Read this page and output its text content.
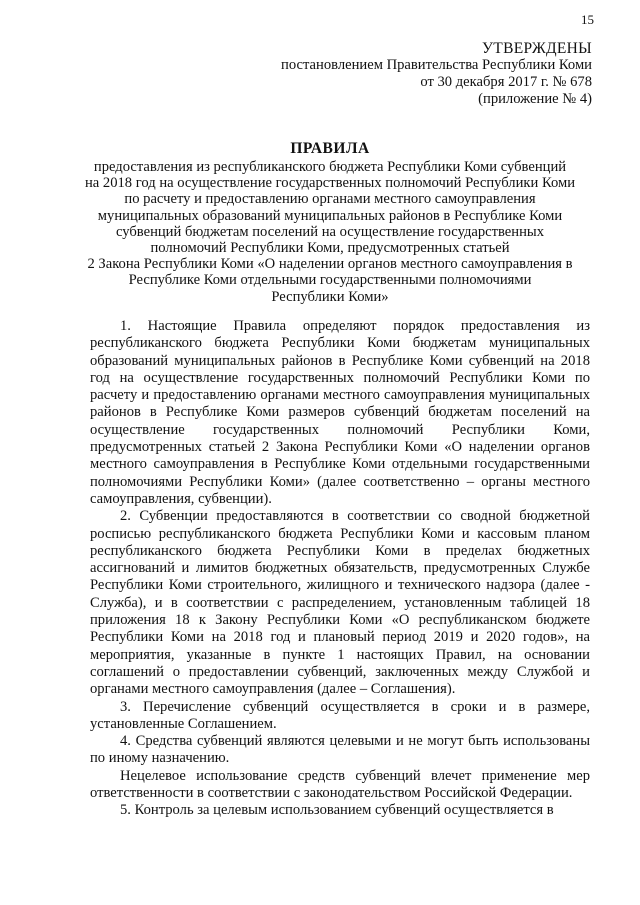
15
УТВЕРЖДЕНЫ
постановлением Правительства Республики Коми
от 30 декабря 2017 г. № 678
(приложение № 4)
ПРАВИЛА
предоставления из республиканского бюджета Республики Коми субвенций
на 2018 год на осуществление государственных полномочий Республики Коми
по расчету и предоставлению органами местного самоуправления
муниципальных образований муниципальных районов в Республике Коми
субвенций бюджетам поселений на осуществление государственных
полномочий Республики Коми, предусмотренных статьей
2 Закона Республики Коми «О наделении органов местного самоуправления в
Республике Коми отдельными государственными полномочиями
Республики Коми»

1. Настоящие Правила определяют порядок предоставления из республиканского бюджета Республики Коми бюджетам муниципальных образований муниципальных районов в Республике Коми субвенций на 2018 год на осуществление государственных полномочий Республики Коми по расчету и предоставлению органами местного самоуправления муниципальных районов в Республике Коми размеров субвенций бюджетам поселений на осуществление государственных полномочий Республики Коми, предусмотренных статьей 2 Закона Республики Коми «О наделении органов местного самоуправления в Республике Коми отдельными государственными полномочиями Республики Коми» (далее соответственно – органы местного самоуправления, субвенции).

2. Субвенции предоставляются в соответствии со сводной бюджетной росписью республиканского бюджета Республики Коми и кассовым планом республиканского бюджета Республики Коми в пределах бюджетных ассигнований и лимитов бюджетных обязательств, предусмотренных Службе Республики Коми строительного, жилищного и технического надзора (далее - Служба), и в соответствии с распределением, установленным таблицей 18 приложения 18 к Закону Республики Коми «О республиканском бюджете Республики Коми на 2018 год и плановый период 2019 и 2020 годов», на мероприятия, указанные в пункте 1 настоящих Правил, на основании соглашений о предоставлении субвенций, заключенных между Службой и органами местного самоуправления (далее – Соглашения).

3. Перечисление субвенций осуществляется в сроки и в размере, установленные Соглашением.

4. Средства субвенций являются целевыми и не могут быть использованы по иному назначению.

Нецелевое использование средств субвенций влечет применение мер ответственности в соответствии с законодательством Российской Федерации.

5. Контроль за целевым использованием субвенций осуществляется в
